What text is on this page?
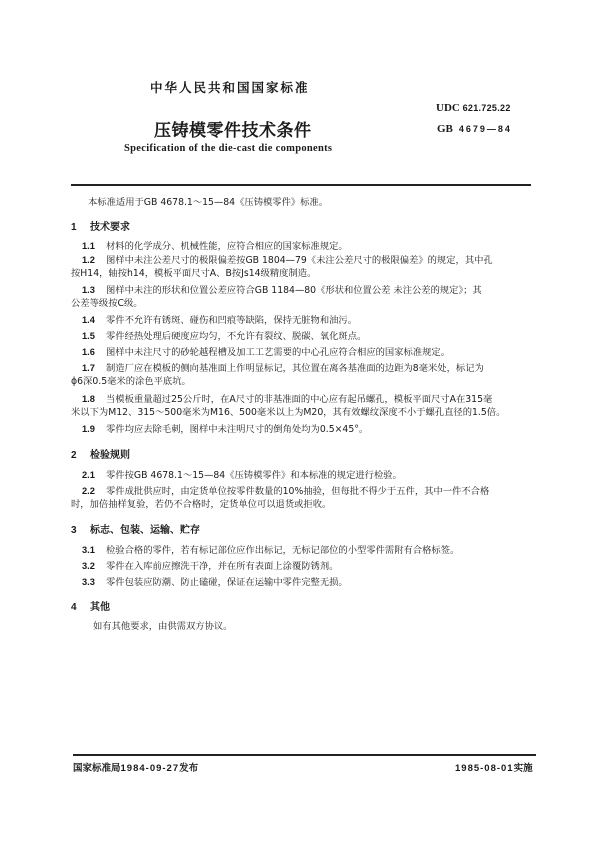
中华人民共和国国家标准
UDC 621.725.22
压铸模零件技术条件	GB 4679—84
Specification of the die-cast die components
本标准适用于GB 4678.1～15—84《压铸模零件》标准。
1 技术要求
1.1 材料的化学成分、机械性能，应符合相应的国家标准规定。
1.2 图样中未注公差尺寸的极限偏差按GB 1804—79《未注公差尺寸的极限偏差》的规定，其中孔
按H14，轴按h14，模板平面尺寸A、B按Js14级精度制造。
1.3 图样中未注的形状和位置公差应符合GB 1184—80《形状和位置公差 未注公差的规定》；其
公差等级按C级。
1.4 零件不允许有锈斑、碰伤和凹痕等缺陷，保持无脏物和油污。
1.5 零件经热处理后硬度应均匀，不允许有裂纹、脱碳、氧化斑点。
1.6 图样中未注尺寸的砂轮越程槽及加工工艺需要的中心孔应符合相应的国家标准规定。
1.7 制造厂应在模板的侧向基准面上作明显标记，其位置在离各基准面的边距为8毫米处，标记为
ϕ6深0.5毫米的涂色平底坑。
1.8 当模板重量超过25公斤时，在A尺寸的非基准面的中心应有起吊螺孔，模板平面尺寸A在315毫
米以下为M12、315～500毫米为M16、500毫米以上为M20，其有效螺纹深度不小于螺孔直径的1.5倍。
1.9 零件均应去除毛刺，图样中未注明尺寸的倒角处均为0.5×45°。
2 检验规则
2.1 零件按GB 4678.1～15—84《压铸模零件》和本标准的规定进行检验。
2.2 零件成批供应时，由定货单位按零件数量的10%抽验，但每批不得少于五件，其中一件不合格
时，加倍抽样复验，若仍不合格时，定货单位可以退货或拒收。
3 标志、包装、运输、贮存
3.1 检验合格的零件，若有标记部位应作出标记，无标记部位的小型零件需附有合格标签。
3.2 零件在入库前应擦洗干净，并在所有表面上涂覆防锈剂。
3.3 零件包装应防潮、防止磕碰，保证在运输中零件完整无损。
4 其他
如有其他要求，由供需双方协议。
国家标准局1984-09-27发布	1985-08-01实施
